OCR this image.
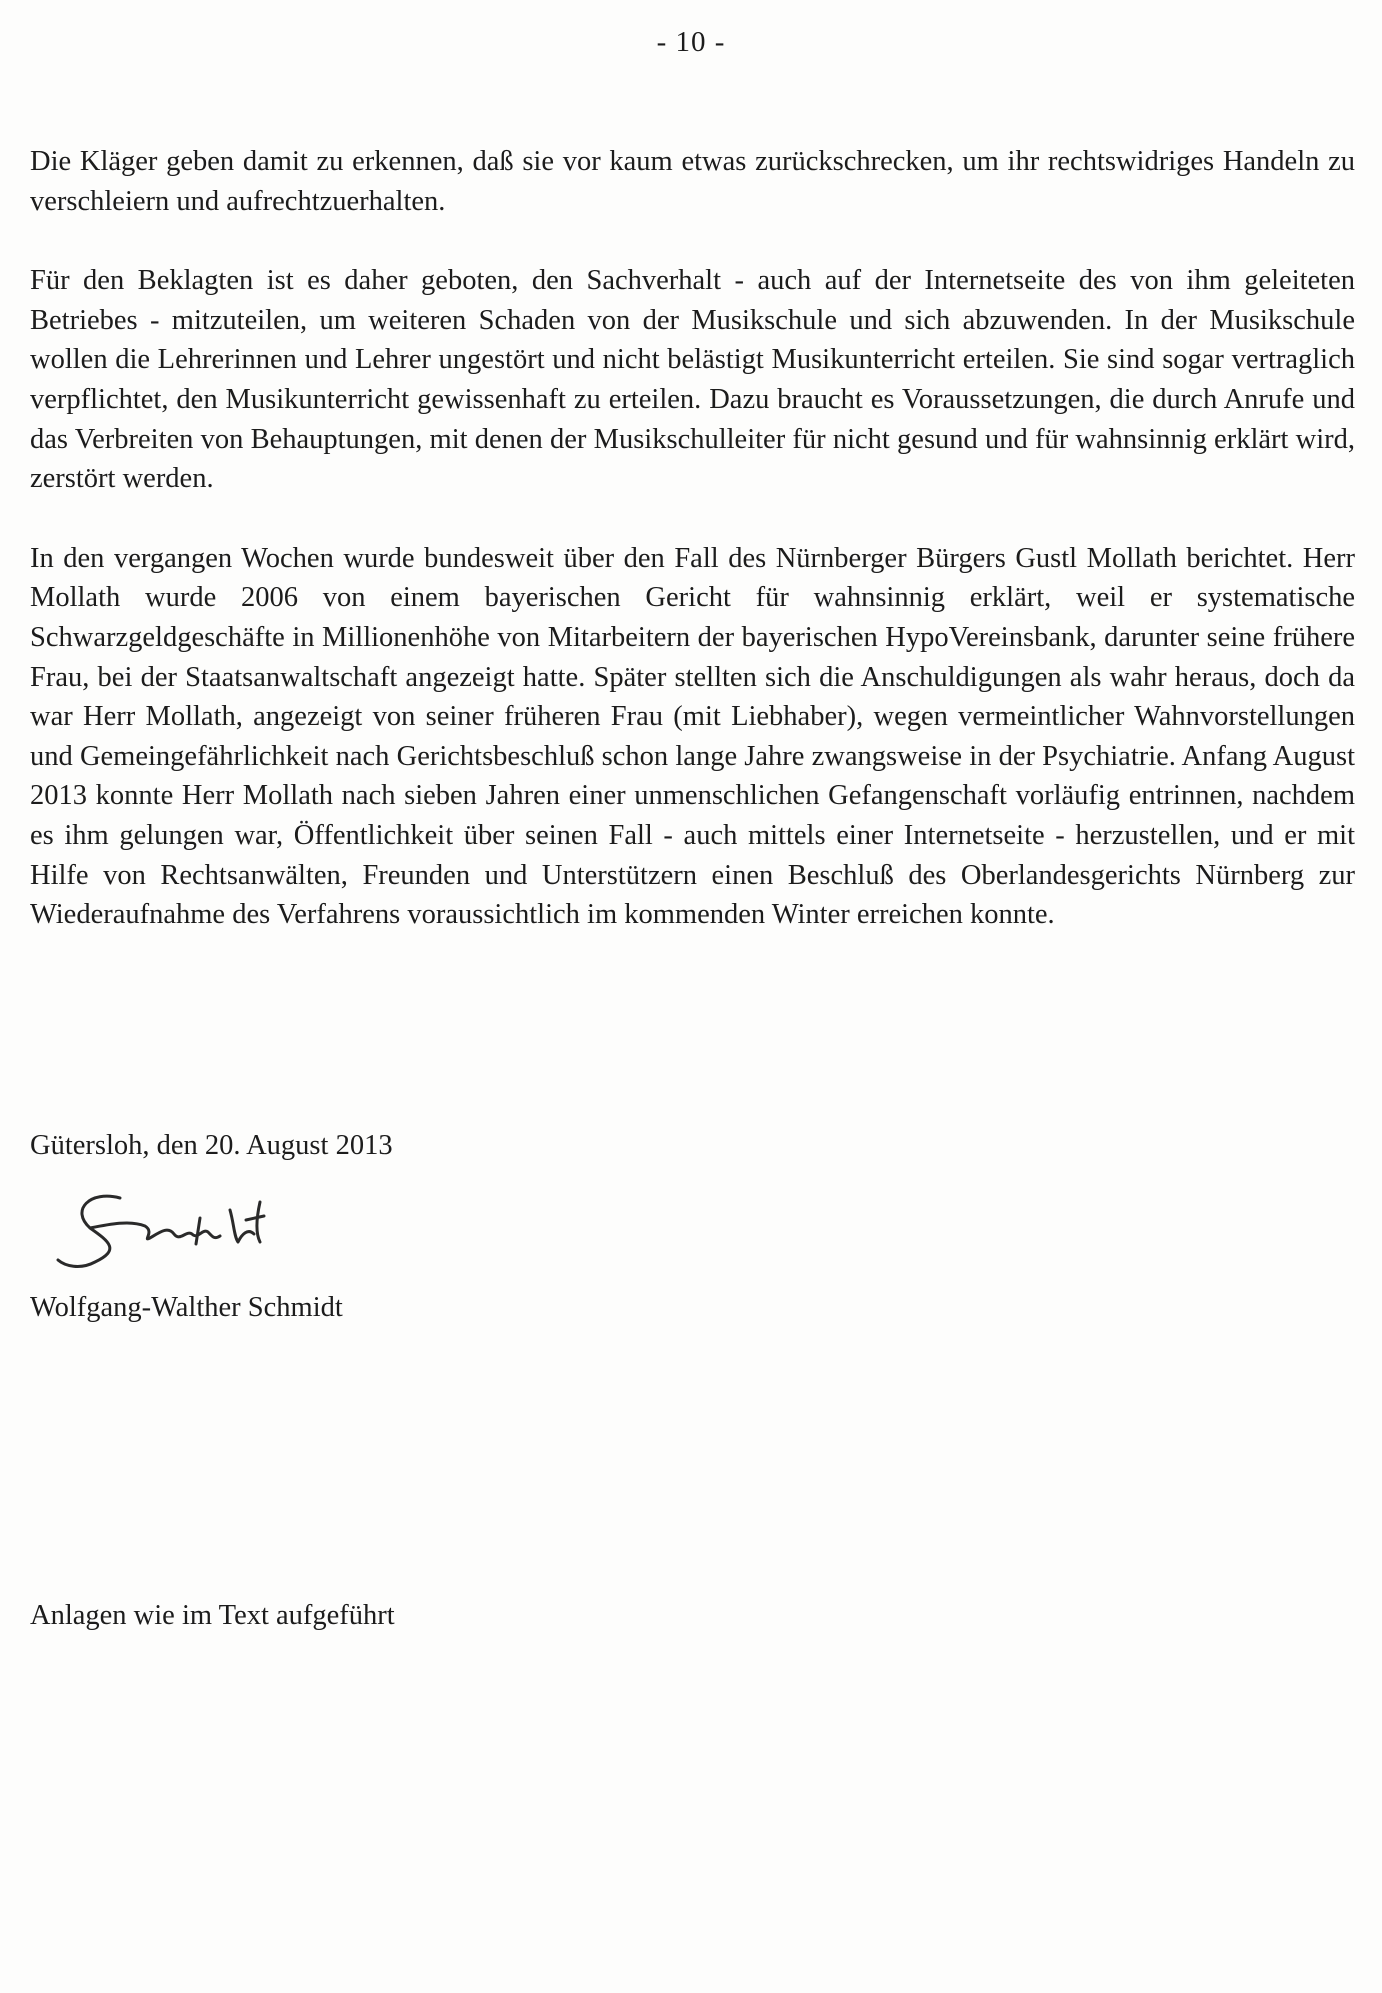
- 10 -

Die Kläger geben damit zu erkennen, daß sie vor kaum etwas zurückschrecken, um ihr rechtswidriges Handeln zu verschleiern und aufrechtzuerhalten.

Für den Beklagten ist es daher geboten, den Sachverhalt - auch auf der Internetseite des von ihm geleiteten Betriebes - mitzuteilen, um weiteren Schaden von der Musikschule und sich abzuwenden. In der Musikschule wollen die Lehrerinnen und Lehrer ungestört und nicht belästigt Musikunterricht erteilen. Sie sind sogar vertraglich verpflichtet, den Musikunterricht gewissenhaft zu erteilen. Dazu braucht es Voraussetzungen, die durch Anrufe und das Verbreiten von Behauptungen, mit denen der Musikschulleiter für nicht gesund und für wahnsinnig erklärt wird, zerstört werden.

In den vergangen Wochen wurde bundesweit über den Fall des Nürnberger Bürgers Gustl Mollath berichtet. Herr Mollath wurde 2006 von einem bayerischen Gericht für wahnsinnig erklärt, weil er systematische Schwarzgeldgeschäfte in Millionenhöhe von Mitarbeitern der bayerischen HypoVereinsbank, darunter seine frühere Frau, bei der Staatsanwaltschaft angezeigt hatte. Später stellten sich die Anschuldigungen als wahr heraus, doch da war Herr Mollath, angezeigt von seiner früheren Frau (mit Liebhaber), wegen vermeintlicher Wahnvorstellungen und Gemeingefährlichkeit nach Gerichtsbeschluß schon lange Jahre zwangsweise in der Psychiatrie. Anfang August 2013 konnte Herr Mollath nach sieben Jahren einer unmenschlichen Gefangenschaft vorläufig entrinnen, nachdem es ihm gelungen war, Öffentlichkeit über seinen Fall - auch mittels einer Internetseite - herzustellen, und er mit Hilfe von Rechtsanwälten, Freunden und Unterstützern einen Beschluß des Oberlandesgerichts Nürnberg zur Wiederaufnahme des Verfahrens voraussichtlich im kommenden Winter erreichen konnte.

Gütersloh, den 20. August 2013
Wolfgang-Walther Schmidt
Anlagen wie im Text aufgeführt
